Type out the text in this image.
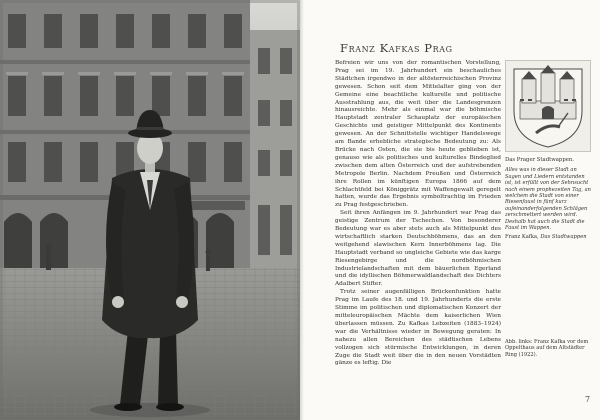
Franz Kafkas Prag

Befreien wir uns von der romantischen Vorstellung, Prag sei im 19. Jahrhundert ein beschauliches Städtchen irgendwo in der altösterreichischen Provinz gewesen. Schon seit dem Mittelalter ging von der Gemeine eine beachtliche kulturelle und politische Ausstrahlung aus, die weit über die Landesgrenzen hinausreichte. Mehr als einmal war die böhmische Hauptstadt zentraler Schauplatz der europäischen Geschichte und geistiger Mittelpunkt des Kontinents gewesen. An der Schnittstelle wichtiger Handelswege am Bande erhebliche strategische Bedeutung zu: Als Brücke nach Osten, die sie bis heute geblieben ist, genauso wie als politisches und kulturelles Bindeglied zwischen dem alten Österreich und der aufstrebenden Metropole Berlin. Nachdem Preußen und Österreich ihre Rollen im künftigen Europa 1866 auf dem Schlachtfeld bei Königgrätz mit Waffengewalt geregelt hatten, wurde das Ergebnis symboltrachtig im Frieden zu Prag festgeschrieben.

Seit ihren Anfängen im 9. Jahrhundert war Prag das geistige Zentrum der Tschechen. Von besonderer Bedeutung war es aber stets auch als Mittelpunkt des wirtschaftlich starken Deutschböhmens, das an den weitgehend slawischen Kern Innerböhmens lag. Die Hauptstadt verband so ungleiche Gebiete wie das karge Riesengebirge und die nordböhmischen Industrielandschaften mit dem bäuerlichen Egerland und die idyllischen Böhmerwaldlandschaft des Dichters Adalbert Stifter.

Trotz seiner augenfälligen Brückenfunktion hatte Prag im Laufe des 18. und 19. Jahrhunderts die erste Stimme im politischen und diplomatischen Konzert der mitteleuropäischen Mächte dem kaiserlichen Wien überlassen müssen. Zu Kafkas Lebzeiten (1883–1924) war die Verhältnisse wieder in Bewegung geraten: In nahezu allen Bereichen des städtischen Lebens vollzogen sich stürmische Entwicklungen, in deren Zuge die Stadt weit über die in den neuen Vorstädten gänze es leftig. Die

Das Prager Stadtwappen.
Alles was in dieser Stadt an Sagen und Liedern entstanden ist, ist erfüllt von der Sehnsucht nach einem prophezeiten Tag, an welchem die Stadt von einer Riesenfaust in fünf kurz aufeinanderfolgenden Schlägen zerschmettert werden wird. Deshalb hat auch die Stadt die Faust im Wappen.
Franz Kafka, Das Stadtwappen
Abb. links: Franz Kafka vor dem Oppelthaus auf dem Altstädter Ring (1922).
7
